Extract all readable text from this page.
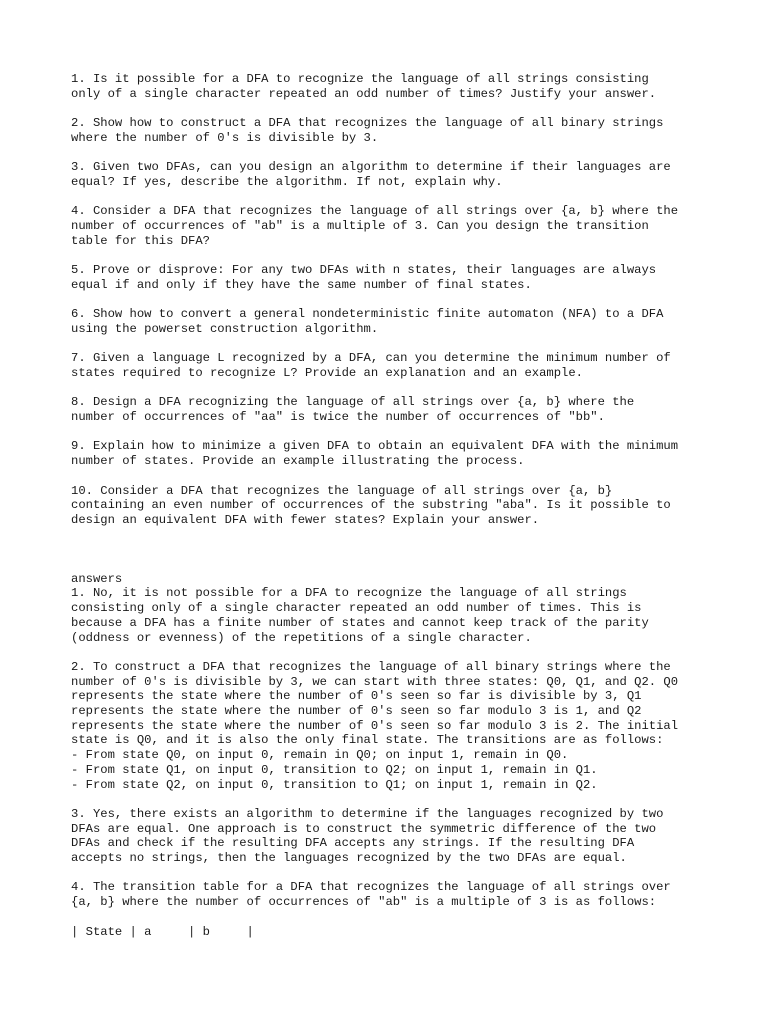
1. Is it possible for a DFA to recognize the language of all strings consisting
only of a single character repeated an odd number of times? Justify your answer.
2. Show how to construct a DFA that recognizes the language of all binary strings
where the number of 0's is divisible by 3.
3. Given two DFAs, can you design an algorithm to determine if their languages are
equal? If yes, describe the algorithm. If not, explain why.
4. Consider a DFA that recognizes the language of all strings over {a, b} where the
number of occurrences of "ab" is a multiple of 3. Can you design the transition
table for this DFA?
5. Prove or disprove: For any two DFAs with n states, their languages are always
equal if and only if they have the same number of final states.
6. Show how to convert a general nondeterministic finite automaton (NFA) to a DFA
using the powerset construction algorithm.
7. Given a language L recognized by a DFA, can you determine the minimum number of
states required to recognize L? Provide an explanation and an example.
8. Design a DFA recognizing the language of all strings over {a, b} where the
number of occurrences of "aa" is twice the number of occurrences of "bb".
9. Explain how to minimize a given DFA to obtain an equivalent DFA with the minimum
number of states. Provide an example illustrating the process.
10. Consider a DFA that recognizes the language of all strings over {a, b}
containing an even number of occurrences of the substring "aba". Is it possible to
design an equivalent DFA with fewer states? Explain your answer.
answers
1. No, it is not possible for a DFA to recognize the language of all strings
consisting only of a single character repeated an odd number of times. This is
because a DFA has a finite number of states and cannot keep track of the parity
(oddness or evenness) of the repetitions of a single character.
2. To construct a DFA that recognizes the language of all binary strings where the
number of 0's is divisible by 3, we can start with three states: Q0, Q1, and Q2. Q0
represents the state where the number of 0's seen so far is divisible by 3, Q1
represents the state where the number of 0's seen so far modulo 3 is 1, and Q2
represents the state where the number of 0's seen so far modulo 3 is 2. The initial
state is Q0, and it is also the only final state. The transitions are as follows:
- From state Q0, on input 0, remain in Q0; on input 1, remain in Q0.
- From state Q1, on input 0, transition to Q2; on input 1, remain in Q1.
- From state Q2, on input 0, transition to Q1; on input 1, remain in Q2.
3. Yes, there exists an algorithm to determine if the languages recognized by two
DFAs are equal. One approach is to construct the symmetric difference of the two
DFAs and check if the resulting DFA accepts any strings. If the resulting DFA
accepts no strings, then the languages recognized by the two DFAs are equal.
4. The transition table for a DFA that recognizes the language of all strings over
{a, b} where the number of occurrences of "ab" is a multiple of 3 is as follows:
| State | a     | b     |
